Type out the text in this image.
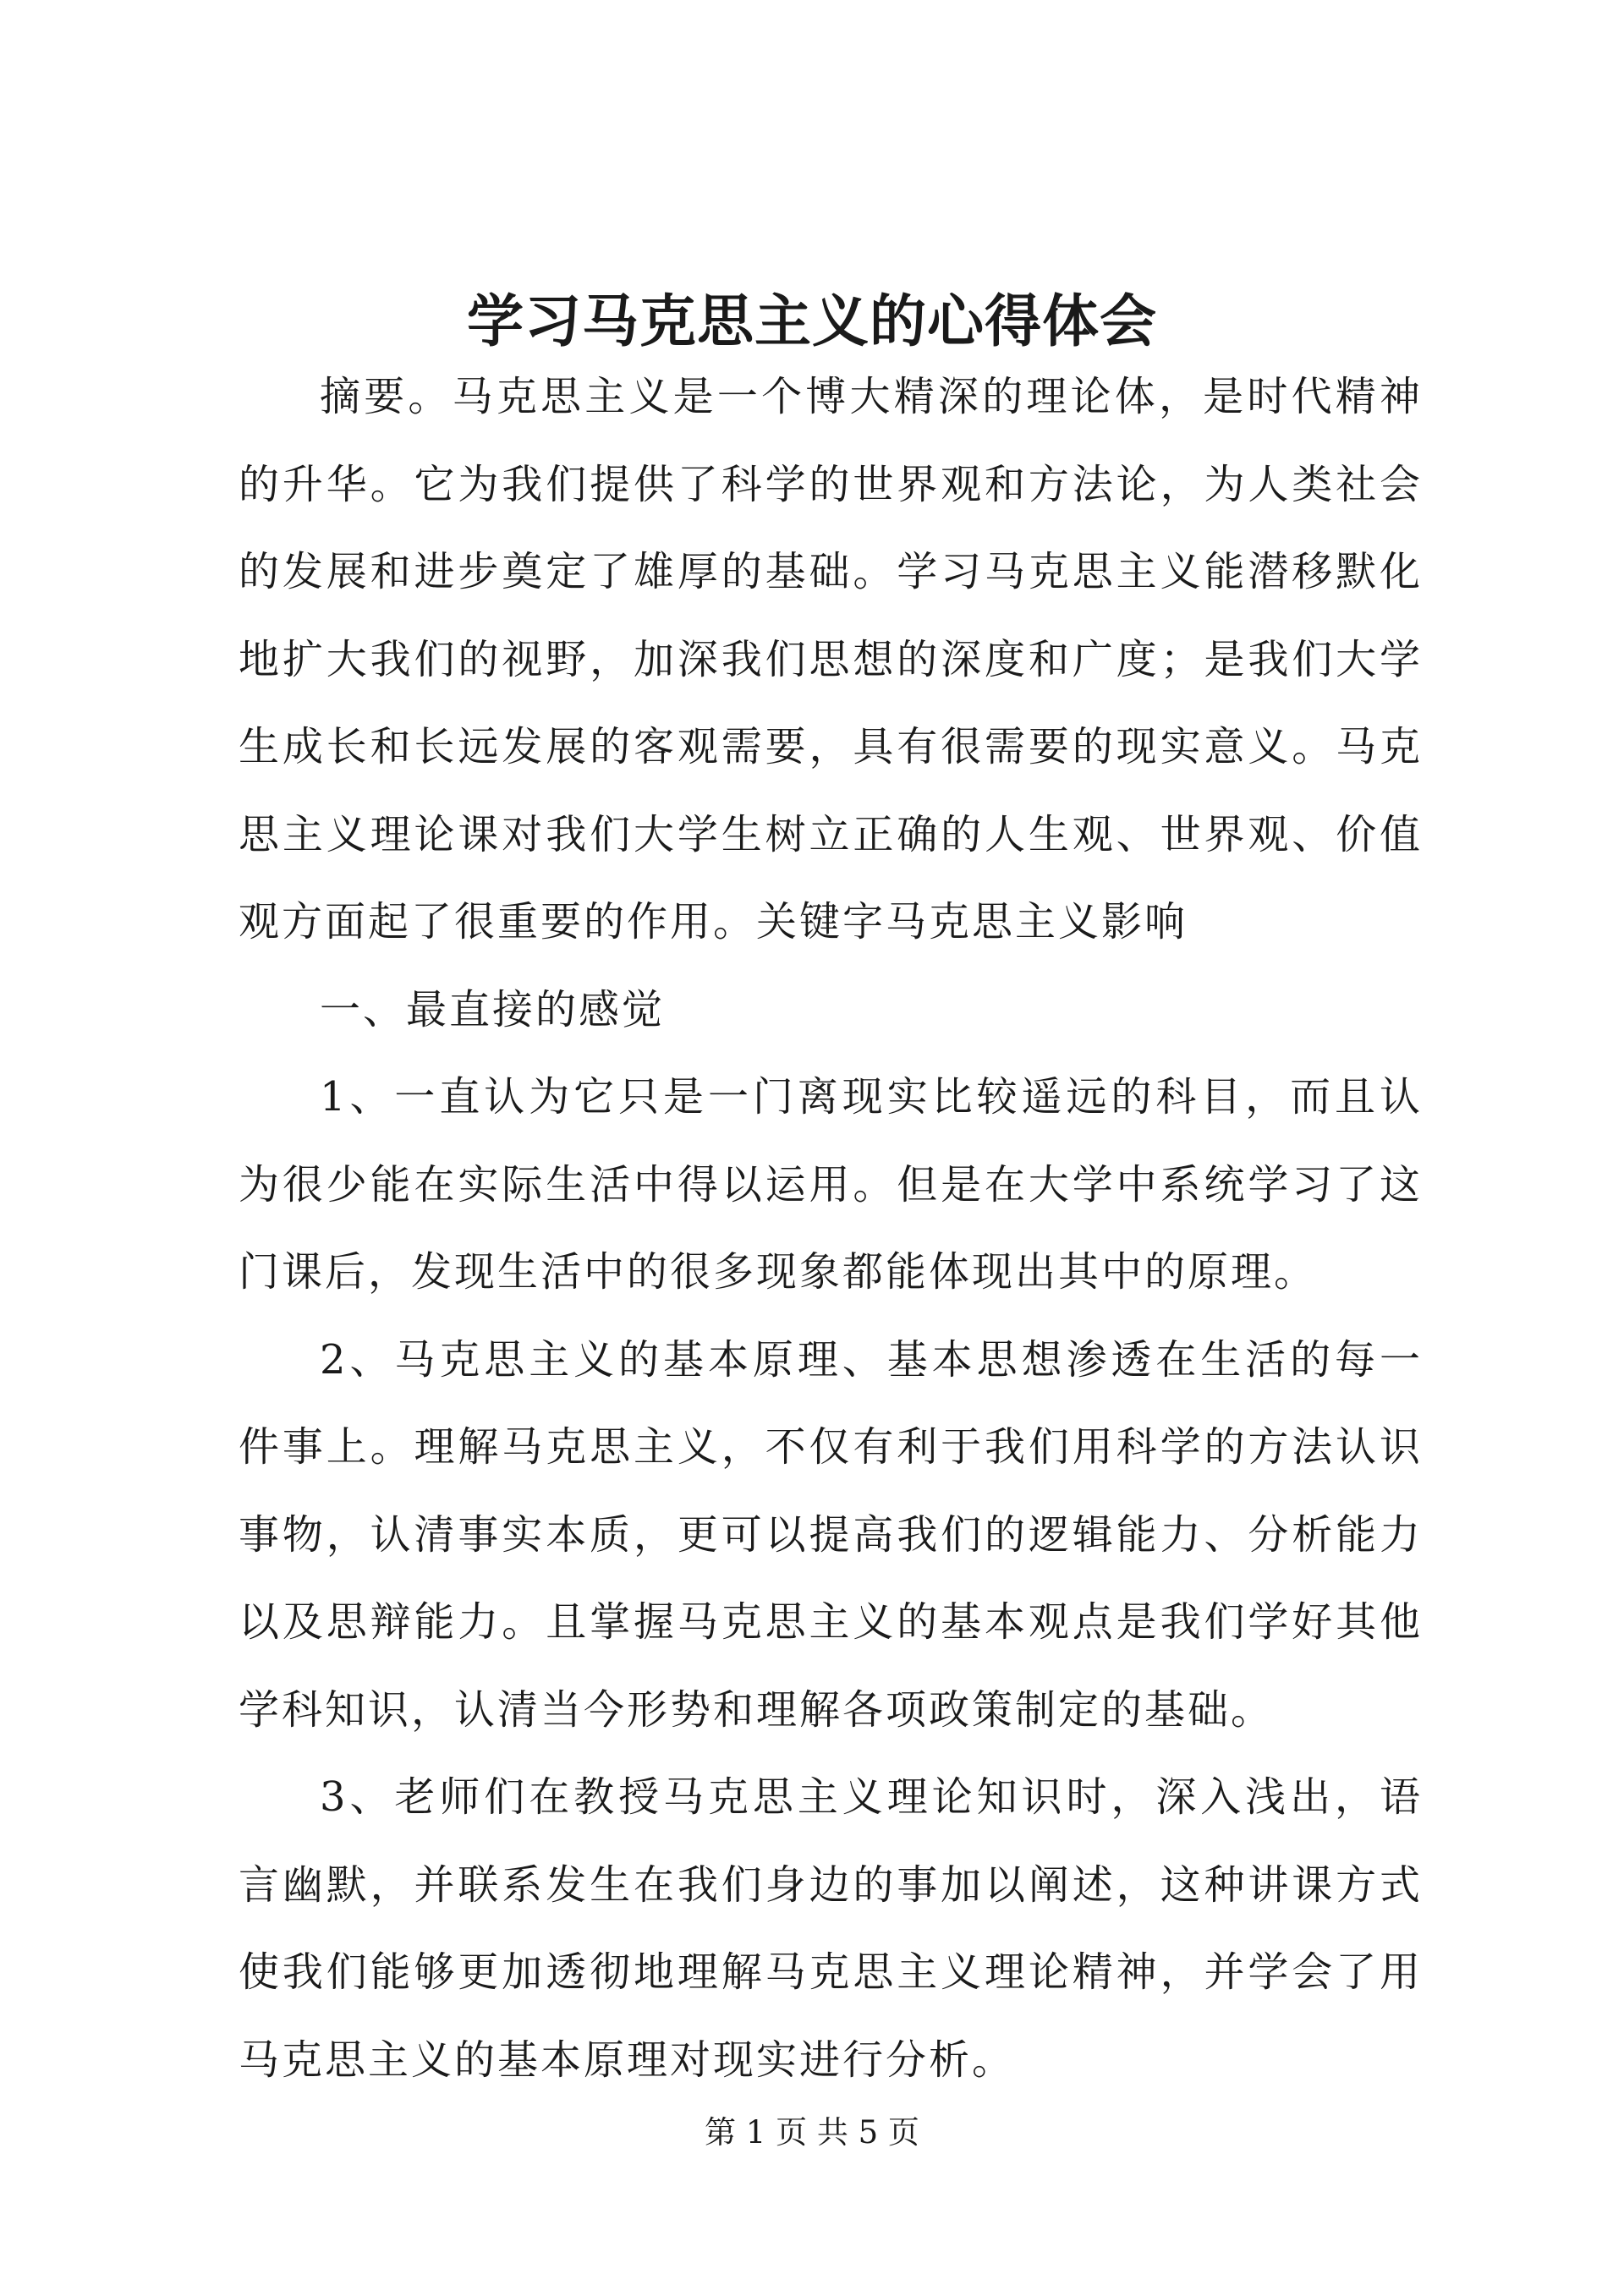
学习马克思主义的心得体会

摘要。马克思主义是一个博大精深的理论体，是时代精神的升华。它为我们提供了科学的世界观和方法论，为人类社会的发展和进步奠定了雄厚的基础。学习马克思主义能潜移默化地扩大我们的视野，加深我们思想的深度和广度；是我们大学生成长和长远发展的客观需要，具有很需要的现实意义。马克思主义理论课对我们大学生树立正确的人生观、世界观、价值观方面起了很重要的作用。关键字马克思主义影响

一、最直接的感觉

1、一直认为它只是一门离现实比较遥远的科目，而且认为很少能在实际生活中得以运用。但是在大学中系统学习了这门课后，发现生活中的很多现象都能体现出其中的原理。

2、马克思主义的基本原理、基本思想渗透在生活的每一件事上。理解马克思主义，不仅有利于我们用科学的方法认识事物，认清事实本质，更可以提高我们的逻辑能力、分析能力以及思辩能力。且掌握马克思主义的基本观点是我们学好其他学科知识，认清当今形势和理解各项政策制定的基础。

3、老师们在教授马克思主义理论知识时，深入浅出，语言幽默，并联系发生在我们身边的事加以阐述，这种讲课方式使我们能够更加透彻地理解马克思主义理论精神，并学会了用马克思主义的基本原理对现实进行分析。

第 1 页 共 5 页
